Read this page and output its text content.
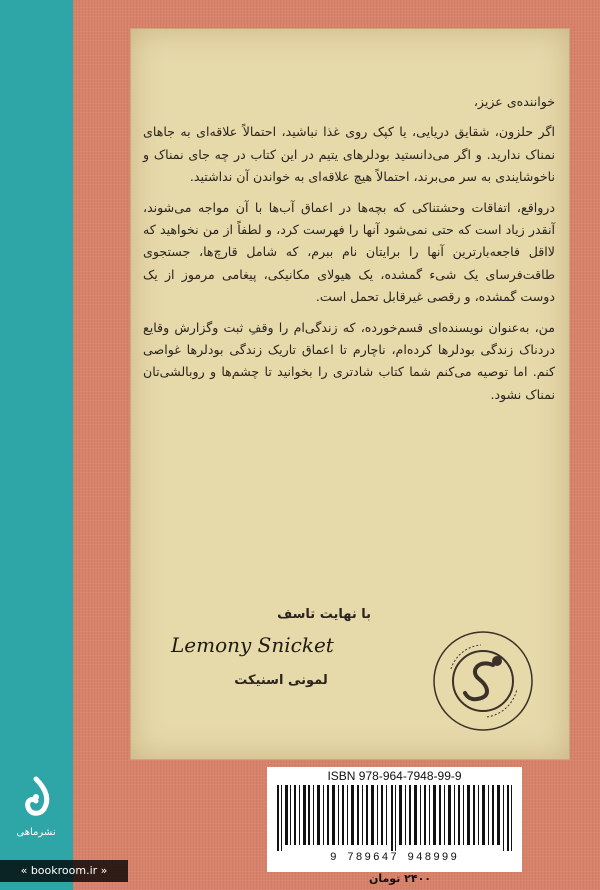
خواننده‌ی عزیز،

اگر حلزون، شقایق دریایی، یا کپک روی غذا نباشید، احتمالاً علاقه‌ای به جاهای نمناک ندارید. و اگر می‌دانستید بودلرهای یتیم در این کتاب در چه جای نمناک و ناخوشایندی به سر می‌برند، احتمالاً هیچ علاقه‌ای به خواندن آن نداشتید.

درواقع، اتفاقات وحشتناکی که بچه‌ها در اعماق آب‌ها با آن مواجه می‌شوند، آنقدر زیاد است که حتی نمی‌شود آنها را فهرست کرد، و لطفاً از من نخواهید که لااقل فاجعه‌بارترین آنها را برایتان نام ببرم، که شامل قارچ‌ها، جستجوی طاقت‌فرسای یک شیء گمشده، یک هیولای مکانیکی، پیغامی مرموز از یک دوست گمشده، و رقصی غیرقابل تحمل است.

من، به‌عنوان نویسنده‌ای قسم‌خورده، که زندگی‌ام را وقفِ ثبت وگزارش وقایع دردناک زندگی بودلرها کرده‌ام، ناچارم تا اعماق تاریک زندگی بودلرها غواصی کنم. اما توصیه می‌کنم شما کتاب شادتری را بخوانید تا چشم‌ها و روبالشی‌تان نمناک نشود.

با نهایت تاسف
Lemony Snicket
لمونی اسنیکت
ISBN 978-964-7948-99-9
9 789647 948999
۲۴۰۰ تومان
نشرماهی
« bookroom.ir »
